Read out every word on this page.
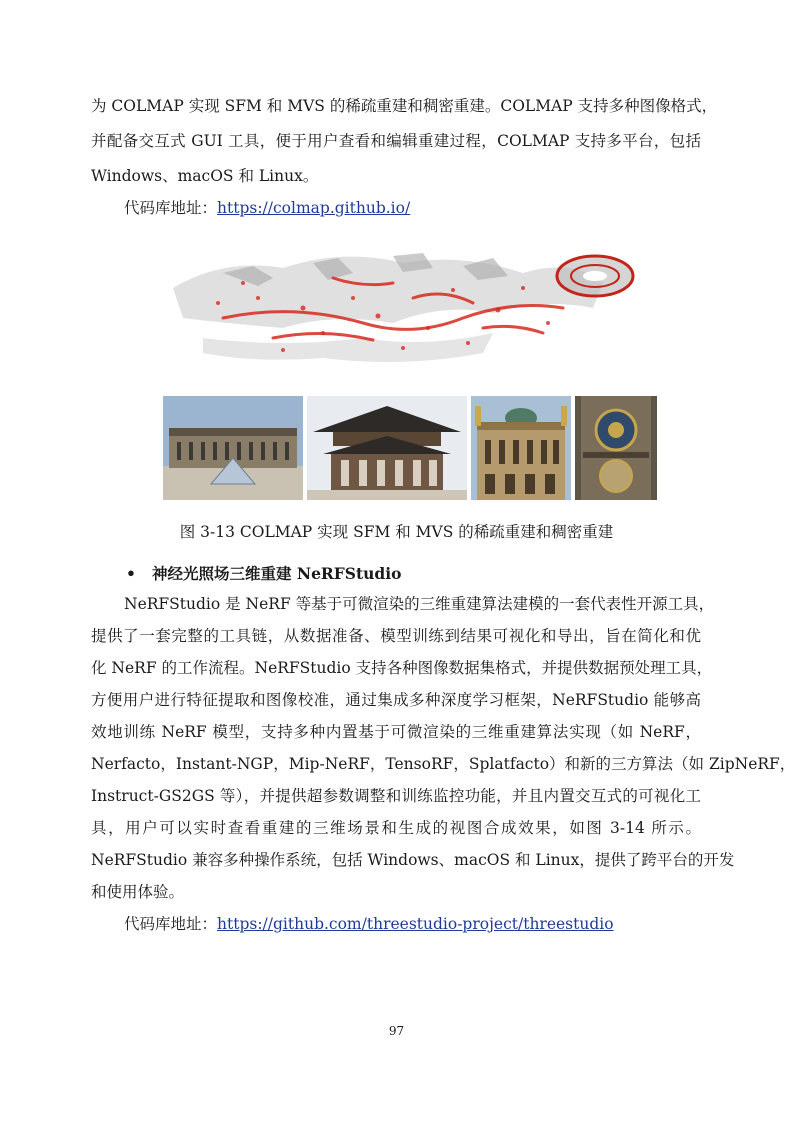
为 COLMAP 实现 SFM 和 MVS 的稀疏重建和稠密重建。COLMAP 支持多种图像格式，
并配备交互式 GUI 工具，便于用户查看和编辑重建过程，COLMAP 支持多平台，包括
Windows、macOS 和 Linux。
代码库地址：https://colmap.github.io/
图 3-13 COLMAP 实现 SFM 和 MVS 的稀疏重建和稠密重建
• 神经光照场三维重建 NeRFStudio
NeRFStudio 是 NeRF 等基于可微渲染的三维重建算法建模的一套代表性开源工具，
提供了一套完整的工具链，从数据准备、模型训练到结果可视化和导出，旨在简化和优
化 NeRF 的工作流程。NeRFStudio 支持各种图像数据集格式，并提供数据预处理工具，
方便用户进行特征提取和图像校准，通过集成多种深度学习框架，NeRFStudio 能够高
效地训练 NeRF 模型，支持多种内置基于可微渲染的三维重建算法实现（如 NeRF，
Nerfacto，Instant-NGP，Mip-NeRF，TensoRF，Splatfacto）和新的三方算法（如 ZipNeRF，
Instruct-GS2GS 等），并提供超参数调整和训练监控功能，并且内置交互式的可视化工
具，用户可以实时查看重建的三维场景和生成的视图合成效果，如图 3-14 所示。
NeRFStudio 兼容多种操作系统，包括 Windows、macOS 和 Linux，提供了跨平台的开发
和使用体验。
代码库地址：https://github.com/threestudio-project/threestudio
97
